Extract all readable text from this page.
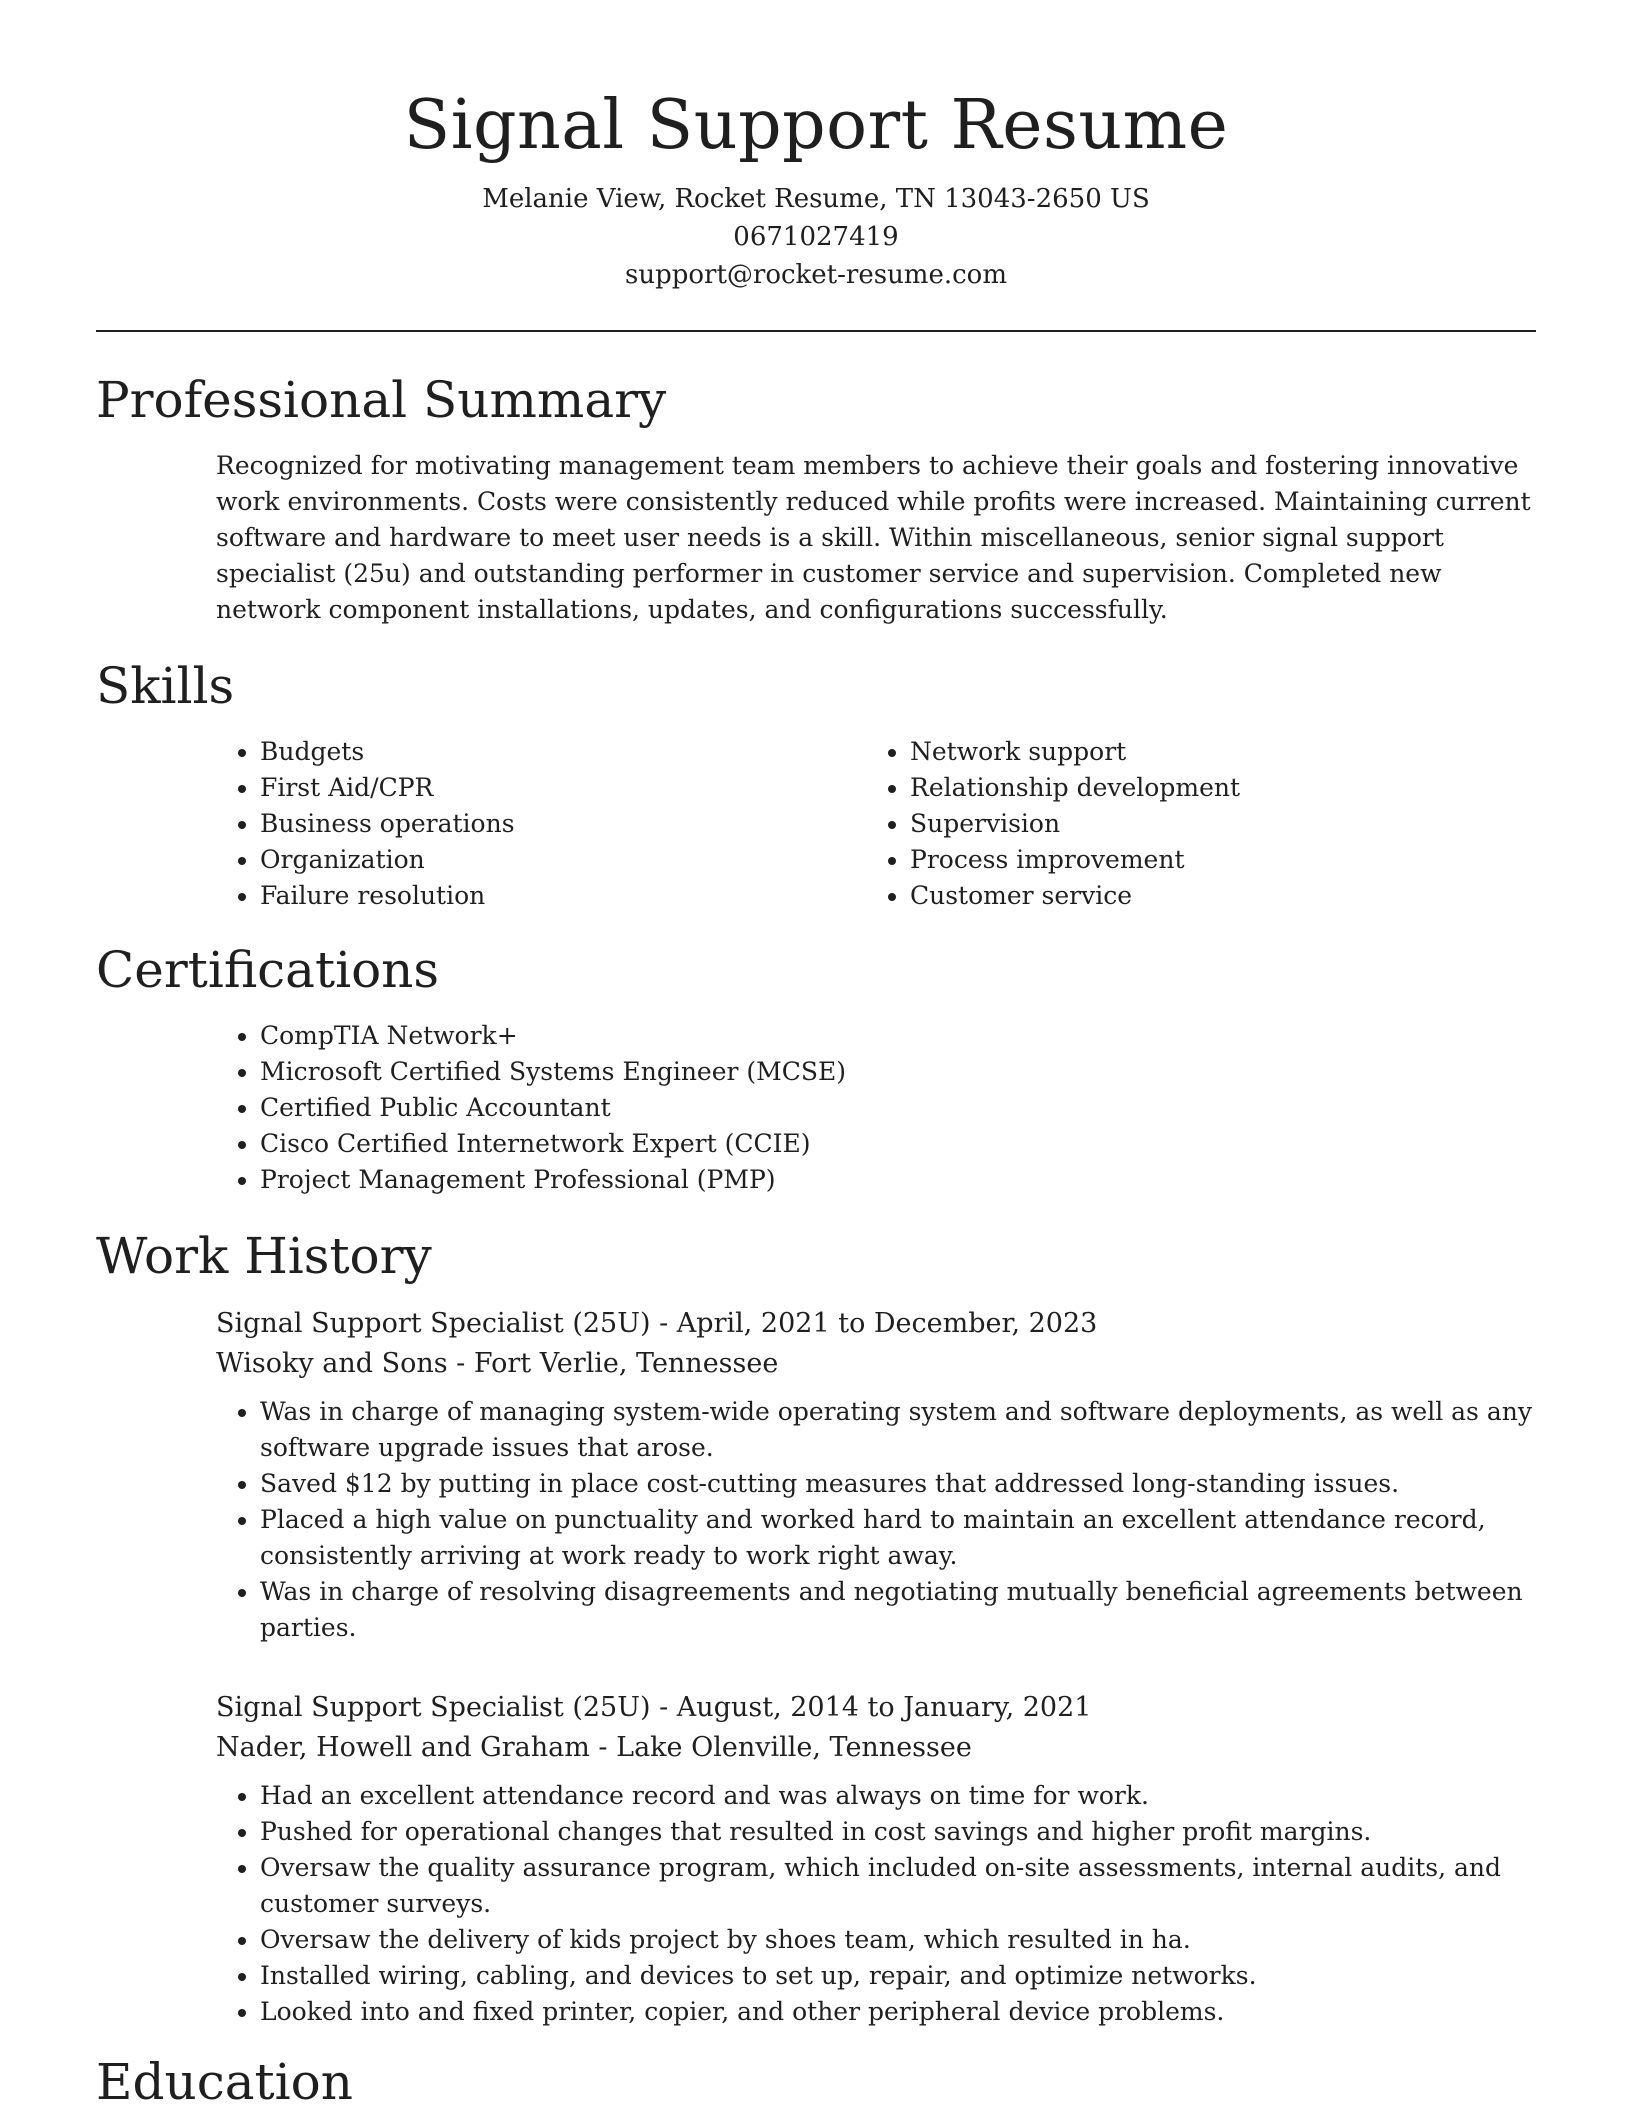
Signal Support Resume
Melanie View, Rocket Resume, TN 13043-2650 US
0671027419
support@rocket-resume.com
Professional Summary
Recognized for motivating management team members to achieve their goals and fostering innovative work environments. Costs were consistently reduced while profits were increased. Maintaining current software and hardware to meet user needs is a skill. Within miscellaneous, senior signal support specialist (25u) and outstanding performer in customer service and supervision. Completed new network component installations, updates, and configurations successfully.
Skills
• Budgets
• First Aid/CPR
• Business operations
• Organization
• Failure resolution
• Network support
• Relationship development
• Supervision
• Process improvement
• Customer service
Certifications
• CompTIA Network+
• Microsoft Certified Systems Engineer (MCSE)
• Certified Public Accountant
• Cisco Certified Internetwork Expert (CCIE)
• Project Management Professional (PMP)
Work History
Signal Support Specialist (25U) - April, 2021 to December, 2023
Wisoky and Sons - Fort Verlie, Tennessee
• Was in charge of managing system-wide operating system and software deployments, as well as any software upgrade issues that arose.
• Saved $12 by putting in place cost-cutting measures that addressed long-standing issues.
• Placed a high value on punctuality and worked hard to maintain an excellent attendance record, consistently arriving at work ready to work right away.
• Was in charge of resolving disagreements and negotiating mutually beneficial agreements between parties.
Signal Support Specialist (25U) - August, 2014 to January, 2021
Nader, Howell and Graham - Lake Olenville, Tennessee
• Had an excellent attendance record and was always on time for work.
• Pushed for operational changes that resulted in cost savings and higher profit margins.
• Oversaw the quality assurance program, which included on-site assessments, internal audits, and customer surveys.
• Oversaw the delivery of kids project by shoes team, which resulted in ha.
• Installed wiring, cabling, and devices to set up, repair, and optimize networks.
• Looked into and fixed printer, copier, and other peripheral device problems.
Education
